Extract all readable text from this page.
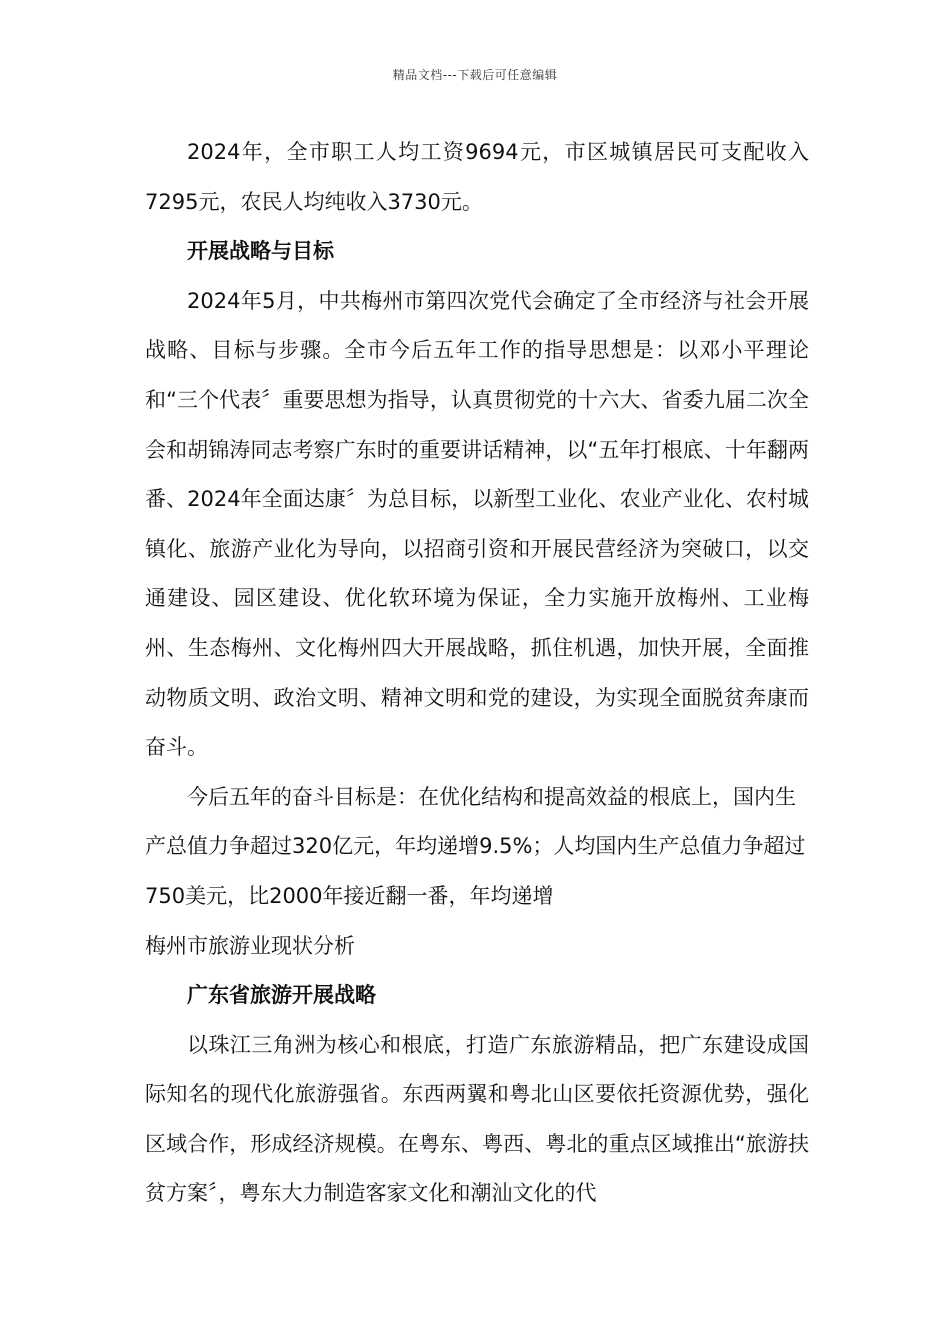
精品文档---下载后可任意编辑

2024年，全市职工人均工资9694元，市区城镇居民可支配收入7295元，农民人均纯收入3730元。

开展战略与目标

2024年5月，中共梅州市第四次党代会确定了全市经济与社会开展战略、目标与步骤。全市今后五年工作的指导思想是：以邓小平理论和“三个代表〞重要思想为指导，认真贯彻党的十六大、省委九届二次全会和胡锦涛同志考察广东时的重要讲话精神，以“五年打根底、十年翻两番、2024年全面达康〞为总目标，以新型工业化、农业产业化、农村城镇化、旅游产业化为导向，以招商引资和开展民营经济为突破口，以交通建设、园区建设、优化软环境为保证，全力实施开放梅州、工业梅州、生态梅州、文化梅州四大开展战略，抓住机遇，加快开展，全面推动物质文明、政治文明、精神文明和党的建设，为实现全面脱贫奔康而奋斗。

今后五年的奋斗目标是：在优化结构和提高效益的根底上，国内生产总值力争超过320亿元，年均递增9.5%；人均国内生产总值力争超过750美元，比2000年接近翻一番，年均递增

梅州市旅游业现状分析

广东省旅游开展战略

以珠江三角洲为核心和根底，打造广东旅游精品，把广东建设成国际知名的现代化旅游强省。东西两翼和粤北山区要依托资源优势，强化区域合作，形成经济规模。在粤东、粤西、粤北的重点区域推出“旅游扶贫方案〞，粤东大力制造客家文化和潮汕文化的代
